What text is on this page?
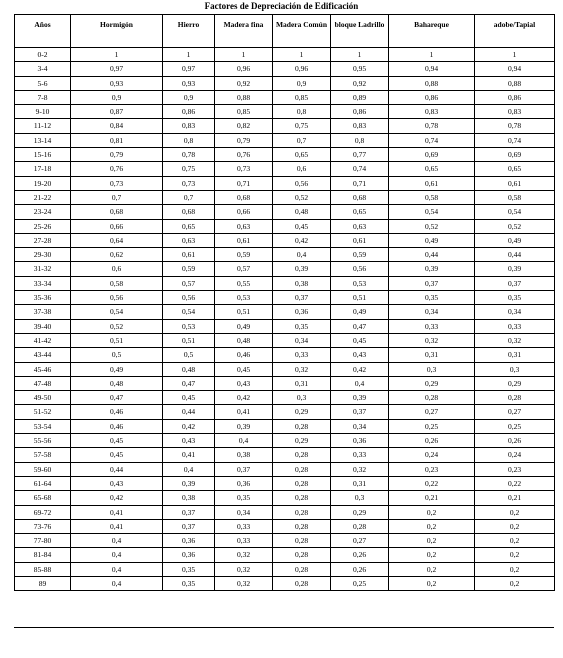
Factores de Depreciación de Edificación
Años	Hormigón	Hierro	Madera fina	Madera Común	bloque Ladrillo	Bahareque	adobe/Tapial
0-2	1	1	1	1	1	1	1
3-4	0,97	0,97	0,96	0,96	0,95	0,94	0,94
5-6	0,93	0,93	0,92	0,9	0,92	0,88	0,88
7-8	0,9	0,9	0,88	0,85	0,89	0,86	0,86
9-10	0,87	0,86	0,85	0,8	0,86	0,83	0,83
11-12	0,84	0,83	0,82	0,75	0,83	0,78	0,78
13-14	0,81	0,8	0,79	0,7	0,8	0,74	0,74
15-16	0,79	0,78	0,76	0,65	0,77	0,69	0,69
17-18	0,76	0,75	0,73	0,6	0,74	0,65	0,65
19-20	0,73	0,73	0,71	0,56	0,71	0,61	0,61
21-22	0,7	0,7	0,68	0,52	0,68	0,58	0,58
23-24	0,68	0,68	0,66	0,48	0,65	0,54	0,54
25-26	0,66	0,65	0,63	0,45	0,63	0,52	0,52
27-28	0,64	0,63	0,61	0,42	0,61	0,49	0,49
29-30	0,62	0,61	0,59	0,4	0,59	0,44	0,44
31-32	0,6	0,59	0,57	0,39	0,56	0,39	0,39
33-34	0,58	0,57	0,55	0,38	0,53	0,37	0,37
35-36	0,56	0,56	0,53	0,37	0,51	0,35	0,35
37-38	0,54	0,54	0,51	0,36	0,49	0,34	0,34
39-40	0,52	0,53	0,49	0,35	0,47	0,33	0,33
41-42	0,51	0,51	0,48	0,34	0,45	0,32	0,32
43-44	0,5	0,5	0,46	0,33	0,43	0,31	0,31
45-46	0,49	0,48	0,45	0,32	0,42	0,3	0,3
47-48	0,48	0,47	0,43	0,31	0,4	0,29	0,29
49-50	0,47	0,45	0,42	0,3	0,39	0,28	0,28
51-52	0,46	0,44	0,41	0,29	0,37	0,27	0,27
53-54	0,46	0,42	0,39	0,28	0,34	0,25	0,25
55-56	0,45	0,43	0,4	0,29	0,36	0,26	0,26
57-58	0,45	0,41	0,38	0,28	0,33	0,24	0,24
59-60	0,44	0,4	0,37	0,28	0,32	0,23	0,23
61-64	0,43	0,39	0,36	0,28	0,31	0,22	0,22
65-68	0,42	0,38	0,35	0,28	0,3	0,21	0,21
69-72	0,41	0,37	0,34	0,28	0,29	0,2	0,2
73-76	0,41	0,37	0,33	0,28	0,28	0,2	0,2
77-80	0,4	0,36	0,33	0,28	0,27	0,2	0,2
81-84	0,4	0,36	0,32	0,28	0,26	0,2	0,2
85-88	0,4	0,35	0,32	0,28	0,26	0,2	0,2
89	0,4	0,35	0,32	0,28	0,25	0,2	0,2
